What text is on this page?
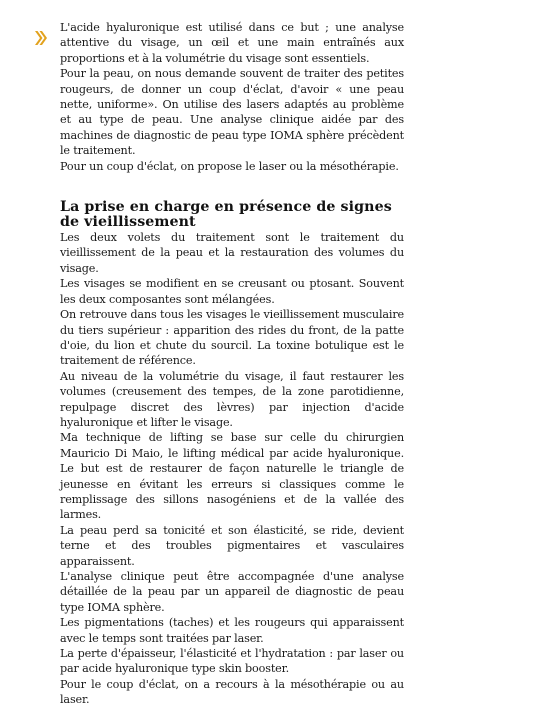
L'acide hyaluronique est utilisé dans ce but ; une analyse attentive du visage, un œil et une main entraînés aux proportions et à la volumétrie du visage sont essentiels.

Pour la peau, on nous demande souvent de traiter des petites rougeurs, de donner un coup d'éclat, d'avoir « une peau nette, uniforme». On utilise des lasers adaptés au problème et au type de peau. Une analyse clinique aidée par des machines de diagnostic de peau type IOMA sphère précèdent le traitement.

Pour un coup d'éclat, on propose le laser ou la mésothérapie.

La prise en charge en présence de signes de vieillissement

Les deux volets du traitement sont le traitement du vieillissement de la peau et la restauration des volumes du visage.

Les visages se modifient en se creusant ou ptosant. Souvent les deux composantes sont mélangées.

On retrouve dans tous les visages le vieillissement musculaire du tiers supérieur : apparition des rides du front, de la patte d'oie, du lion et chute du sourcil. La toxine botulique est le traitement de référence.

Au niveau de la volumétrie du visage, il faut restaurer les volumes (creusement des tempes, de la zone parotidienne, repulpage discret des lèvres) par injection d'acide hyaluronique et lifter le visage.

Ma technique de lifting se base sur celle du chirurgien Mauricio Di Maio, le lifting médical par acide hyaluronique. Le but est de restaurer de façon naturelle le triangle de jeunesse en évitant les erreurs si classiques comme le remplissage des sillons nasogéniens et de la vallée des larmes.

La peau perd sa tonicité et son élasticité, se ride, devient terne et des troubles pigmentaires et vasculaires apparaissent.

L'analyse clinique peut être accompagnée d'une analyse détaillée de la peau par un appareil de diagnostic de peau type IOMA sphère.

Les pigmentations (taches) et les rougeurs qui apparaissent avec le temps sont traitées par laser.

La perte d'épaisseur, l'élasticité et l'hydratation : par laser ou par acide hyaluronique type skin booster.

Pour le coup d'éclat, on a recours à la mésothérapie ou au laser.
